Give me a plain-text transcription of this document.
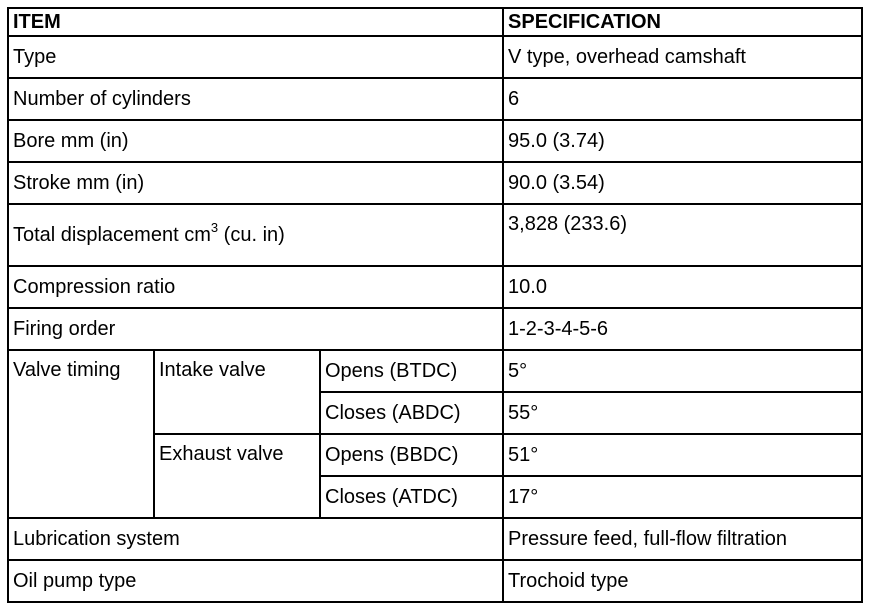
ITEM			SPECIFICATION
Type			V type, overhead camshaft
Number of cylinders			6
Bore mm (in)			95.0 (3.74)
Stroke mm (in)			90.0 (3.54)
Total displacement $cm^3$ (cu. in)			3,828 (233.6)
Compression ratio			10.0
Firing order			1-2-3-4-5-6
Valve timing	Intake valve	Opens (BTDC)	5°
		Closes (ABDC)	55°
	Exhaust valve	Opens (BBDC)	51°
		Closes (ATDC)	17°
Lubrication system			Pressure feed, full-flow filtration
Oil pump type			Trochoid type
